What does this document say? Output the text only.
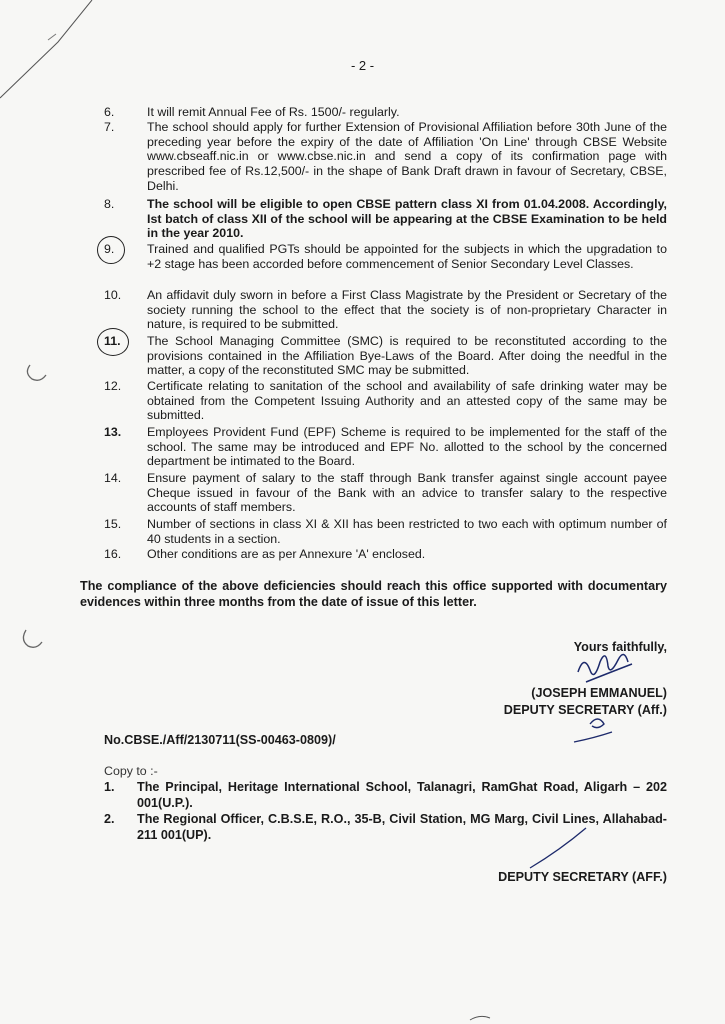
- 2 -
6.	It will remit Annual Fee of Rs. 1500/- regularly.
7.	The school should apply for further Extension of Provisional Affiliation before 30th June of the preceding year before the expiry of the date of Affiliation 'On Line' through CBSE Website www.cbseaff.nic.in or www.cbse.nic.in and send a copy of its confirmation page with prescribed fee of Rs.12,500/- in the shape of Bank Draft drawn in favour of Secretary, CBSE, Delhi.
8.	The school will be eligible to open CBSE pattern class XI from 01.04.2008. Accordingly, Ist batch of class XII of the school will be appearing at the CBSE Examination to be held in the year 2010.
9.	Trained and qualified PGTs should be appointed for the subjects in which the upgradation to +2 stage has been accorded before commencement of Senior Secondary Level Classes.
10.	An affidavit duly sworn in before a First Class Magistrate by the President or Secretary of the society running the school to the effect that the society is of non-proprietary Character in nature, is required to be submitted.
11.	The School Managing Committee (SMC) is required to be reconstituted according to the provisions contained in the Affiliation Bye-Laws of the Board. After doing the needful in the matter, a copy of the reconstituted SMC may be submitted.
12.	Certificate relating to sanitation of the school and availability of safe drinking water may be obtained from the Competent Issuing Authority and an attested copy of the same may be submitted.
13.	Employees Provident Fund (EPF) Scheme is required to be implemented for the staff of the school. The same may be introduced and EPF No. allotted to the school by the concerned department be intimated to the Board.
14.	Ensure payment of salary to the staff through Bank transfer against single account payee Cheque issued in favour of the Bank with an advice to transfer salary to the respective accounts of staff members.
15.	Number of sections in class XI & XII has been restricted to two each with optimum number of 40 students in a section.
16.	Other conditions are as per Annexure 'A' enclosed.
The compliance of the above deficiencies should reach this office supported with documentary evidences within three months from the date of issue of this letter.
Yours faithfully,
(JOSEPH EMMANUEL)
DEPUTY SECRETARY (Aff.)
No.CBSE./Aff/2130711(SS-00463-0809)/
Copy to :-
1. The Principal, Heritage International School, Talanagri, RamGhat Road, Aligarh – 202 001(U.P.).
2. The Regional Officer, C.B.S.E, R.O., 35-B, Civil Station, MG Marg, Civil Lines, Allahabad-211 001(UP).
DEPUTY SECRETARY (AFF.)
